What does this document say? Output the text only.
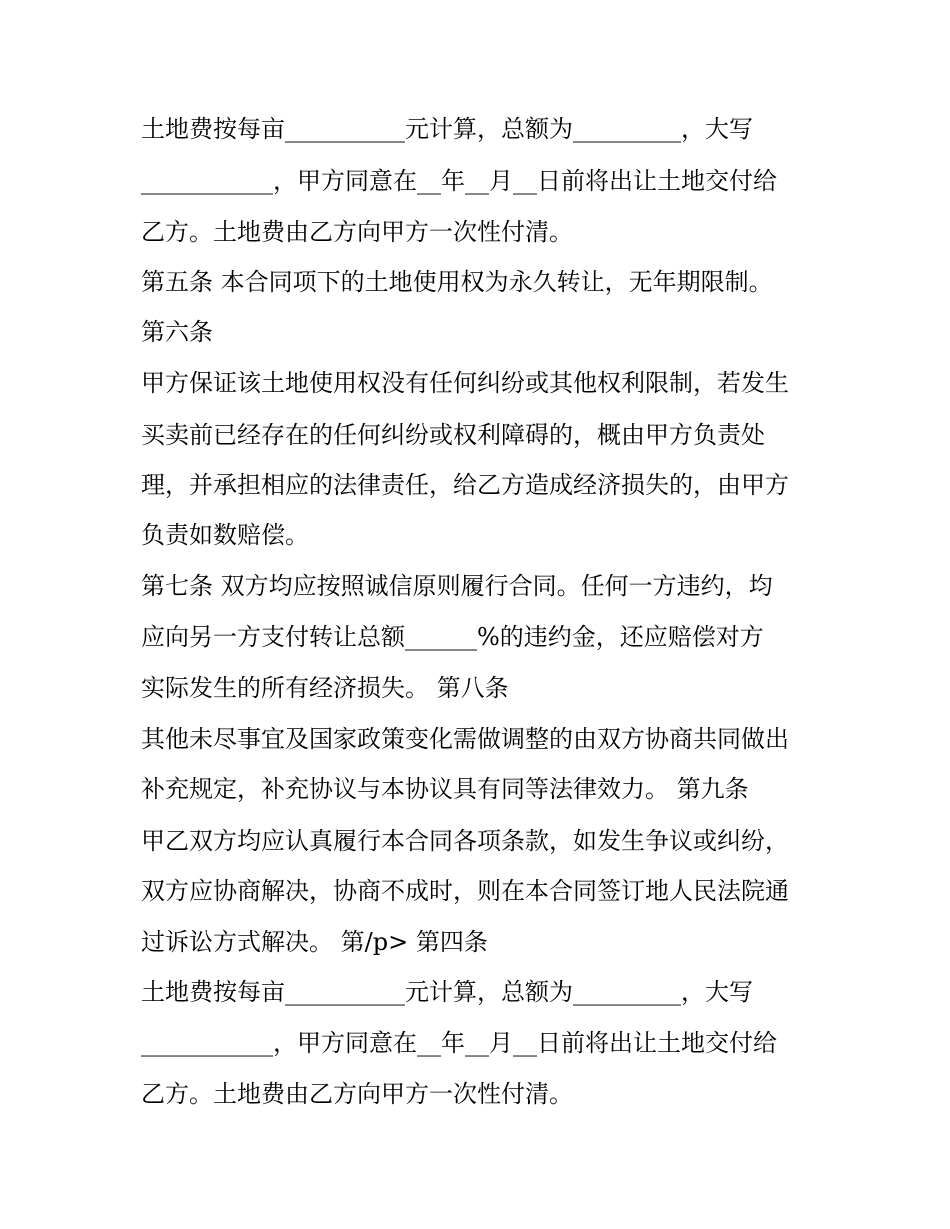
土地费按每亩__________元计算，总额为_________，大写
___________，甲方同意在__年__月__日前将出让土地交付给
乙方。土地费由乙方向甲方一次性付清。
第五条 本合同项下的土地使用权为永久转让，无年期限制。
第六条
甲方保证该土地使用权没有任何纠纷或其他权利限制，若发生
买卖前已经存在的任何纠纷或权利障碍的，概由甲方负责处
理，并承担相应的法律责任，给乙方造成经济损失的，由甲方
负责如数赔偿。
第七条 双方均应按照诚信原则履行合同。任何一方违约，均
应向另一方支付转让总额______%的违约金，还应赔偿对方
实际发生的所有经济损失。 第八条
其他未尽事宜及国家政策变化需做调整的由双方协商共同做出
补充规定，补充协议与本协议具有同等法律效力。 第九条
甲乙双方均应认真履行本合同各项条款，如发生争议或纠纷，
双方应协商解决，协商不成时，则在本合同签订地人民法院通
过诉讼方式解决。 第/p> 第四条
土地费按每亩__________元计算，总额为_________，大写
___________，甲方同意在__年__月__日前将出让土地交付给
乙方。土地费由乙方向甲方一次性付清。
